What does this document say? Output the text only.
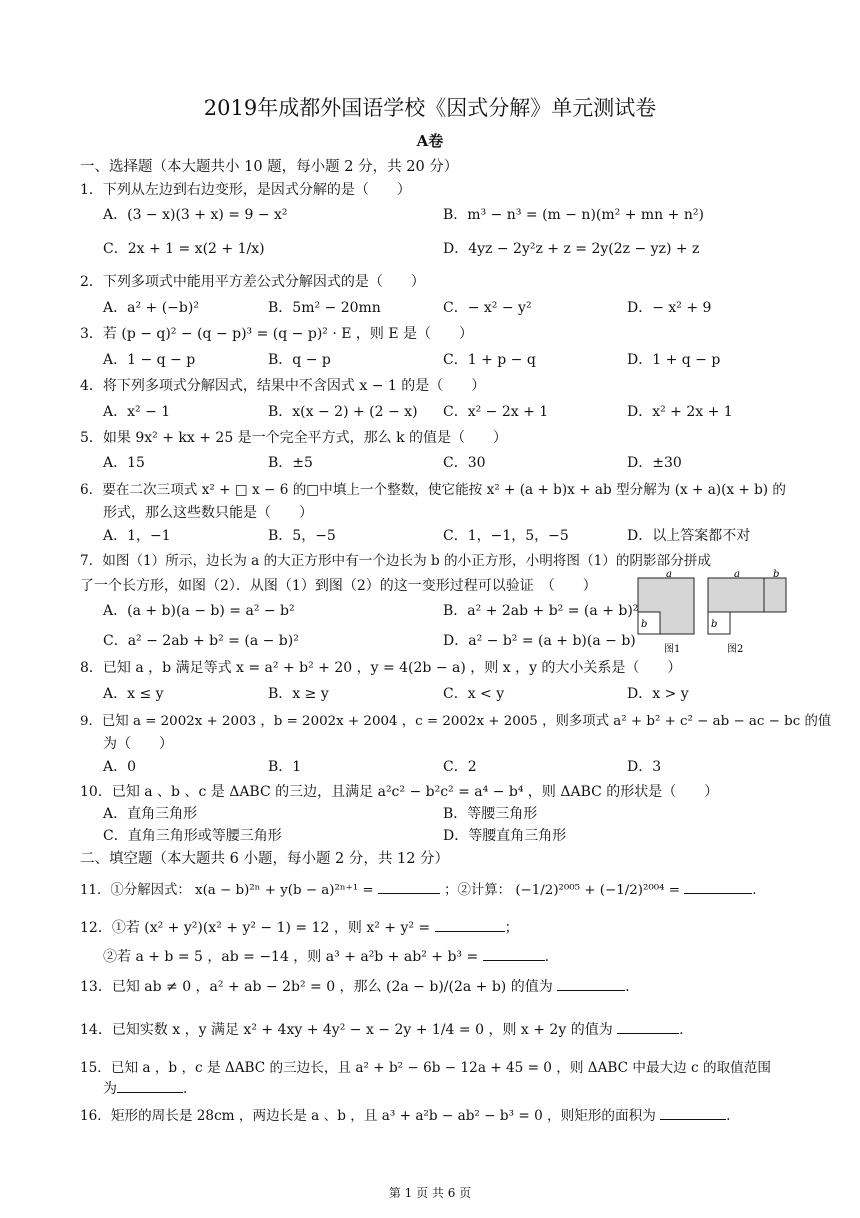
2019年成都外国语学校《因式分解》单元测试卷
A卷
一、选择题（本大题共小 10 题，每小题 2 分，共 20 分）
1．下列从左边到右边变形，是因式分解的是（　　）
A．(3 − x)(3 + x) = 9 − x²	B．m³ − n³ = (m − n)(m² + mn + n²)
C．2x + 1 = x(2 + 1/x)	D．4yz − 2y²z + z = 2y(2z − yz) + z
2．下列多项式中能用平方差公式分解因式的是（　　）
A．a² + (−b)²	B．5m² − 20mn	C．− x² − y²	D．− x² + 9
3．若 (p − q)² − (q − p)³ = (q − p)² · E ，则 E 是（　　）
A．1 − q − p	B．q − p	C．1 + p − q	D．1 + q − p
4．将下列多项式分解因式，结果中不含因式 x − 1 的是（　　）
A．x² − 1	B．x(x − 2) + (2 − x) C．x² − 2x + 1	D．x² + 2x + 1
5．如果 9x² + kx + 25 是一个完全平方式，那么 k 的值是（　　）
A．15	B．±5	C．30	D．±30
6．要在二次三项式 x² + □ x − 6 的□中填上一个整数，使它能按 x² + (a + b)x + ab 型分解为 (x + a)(x + b) 的
形式，那么这些数只能是（　　）
A．1，−1	B．5，−5	C．1，−1，5，−5	D．以上答案都不对
7．如图（1）所示，边长为 a 的大正方形中有一个边长为 b 的小正方形，小明将图（1）的阴影部分拼成
了一个长方形，如图（2）．从图（1）到图（2）的这一变形过程可以验证　（　　）
A．(a + b)(a − b) = a² − b²	B．a² + 2ab + b² = (a + b)²
C．a² − 2ab + b² = (a − b)²	D．a² − b² = (a + b)(a − b)
a
b
图1
a	b
b
图2
8．已知 a ，b 满足等式 x = a² + b² + 20 ，y = 4(2b − a) ，则 x ，y 的大小关系是（　　）
A．x ≤ y	B．x ≥ y	C．x < y	D．x > y
9．已知 a = 2002x + 2003 ，b = 2002x + 2004 ，c = 2002x + 2005 ，则多项式 a² + b² + c² − ab − ac − bc 的值
为（　　）
A．0	B．1	C．2	D．3
10．已知 a 、b 、c 是 ΔABC 的三边，且满足 a²c² − b²c² = a⁴ − b⁴ ，则 ΔABC 的形状是（　　）
A．直角三角形	B．等腰三角形
C．直角三角形或等腰三角形	D．等腰直角三角形
二、填空题（本大题共 6 小题，每小题 2 分，共 12 分）
11．①分解因式： x(a − b)²ⁿ + y(b − a)²ⁿ⁺¹ =	；②计算： (−1/2)²⁰⁰⁵ + (−1/2)²⁰⁰⁴ =	.
12．①若 (x² + y²)(x² + y² − 1) = 12 ，则 x² + y² =	；
②若 a + b = 5 ，ab = −14 ，则 a³ + a²b + ab² + b³ =	.
13．已知 ab ≠ 0 ，a² + ab − 2b² = 0 ，那么 (2a − b)/(2a + b) 的值为	.
14．已知实数 x ，y 满足 x² + 4xy + 4y² − x − 2y + 1/4 = 0 ，则 x + 2y 的值为	.
15．已知 a ，b ，c 是 ΔABC 的三边长，且 a² + b² − 6b − 12a + 45 = 0 ，则 ΔABC 中最大边 c 的取值范围
为	.
16．矩形的周长是 28cm ，两边长是 a 、b ，且 a³ + a²b − ab² − b³ = 0 ，则矩形的面积为	.
第 1 页 共 6 页
